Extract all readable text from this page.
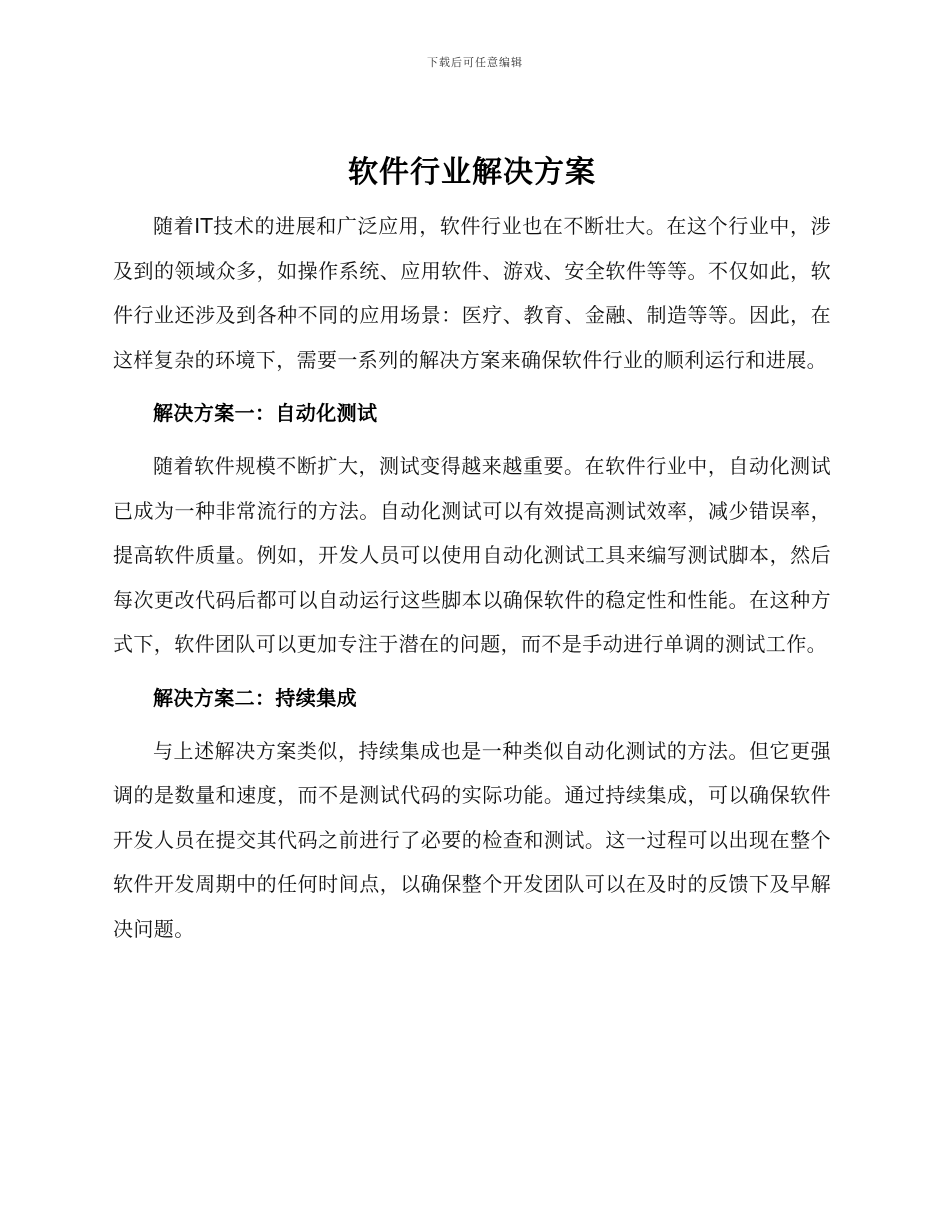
下载后可任意编辑
软件行业解决方案

随着IT技术的进展和广泛应用，软件行业也在不断壮大。在这个行业中，涉及到的领域众多，如操作系统、应用软件、游戏、安全软件等等。不仅如此，软件行业还涉及到各种不同的应用场景：医疗、教育、金融、制造等等。因此，在这样复杂的环境下，需要一系列的解决方案来确保软件行业的顺利运行和进展。

解决方案一：自动化测试

随着软件规模不断扩大，测试变得越来越重要。在软件行业中，自动化测试已成为一种非常流行的方法。自动化测试可以有效提高测试效率，减少错误率，提高软件质量。例如，开发人员可以使用自动化测试工具来编写测试脚本，然后每次更改代码后都可以自动运行这些脚本以确保软件的稳定性和性能。在这种方式下，软件团队可以更加专注于潜在的问题，而不是手动进行单调的测试工作。

解决方案二：持续集成

与上述解决方案类似，持续集成也是一种类似自动化测试的方法。但它更强调的是数量和速度，而不是测试代码的实际功能。通过持续集成，可以确保软件开发人员在提交其代码之前进行了必要的检查和测试。这一过程可以出现在整个软件开发周期中的任何时间点，以确保整个开发团队可以在及时的反馈下及早解决问题。
